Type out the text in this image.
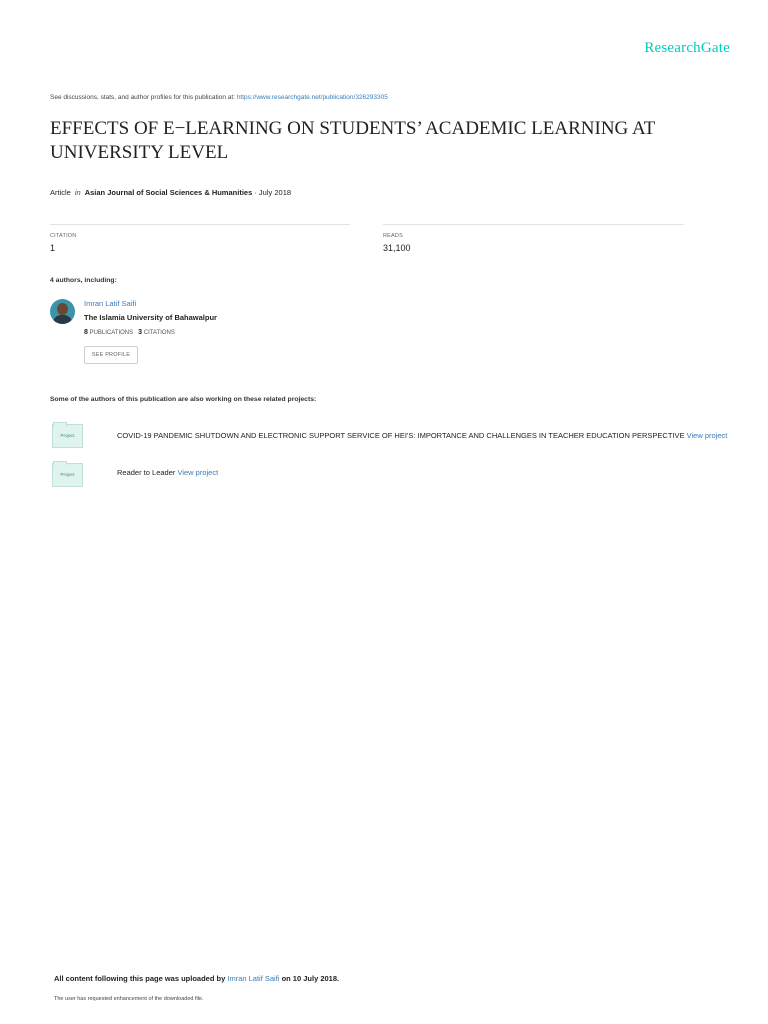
ResearchGate
See discussions, stats, and author profiles for this publication at: https://www.researchgate.net/publication/326293305
EFFECTS OF E−LEARNING ON STUDENTS’ ACADEMIC LEARNING AT UNIVERSITY LEVEL
Article in Asian Journal of Social Sciences & Humanities · July 2018
CITATION
1
READS
31,100
4 authors, including:
Imran Latif Saifi
The Islamia University of Bahawalpur
8 PUBLICATIONS 3 CITATIONS
SEE PROFILE
Some of the authors of this publication are also working on these related projects:
Project	COVID-19 PANDEMIC SHUTDOWN AND ELECTRONIC SUPPORT SERVICE OF HEI'S: IMPORTANCE AND CHALLENGES IN TEACHER EDUCATION PERSPECTIVE View project
Project	Reader to Leader View project
All content following this page was uploaded by Imran Latif Saifi on 10 July 2018.
The user has requested enhancement of the downloaded file.
